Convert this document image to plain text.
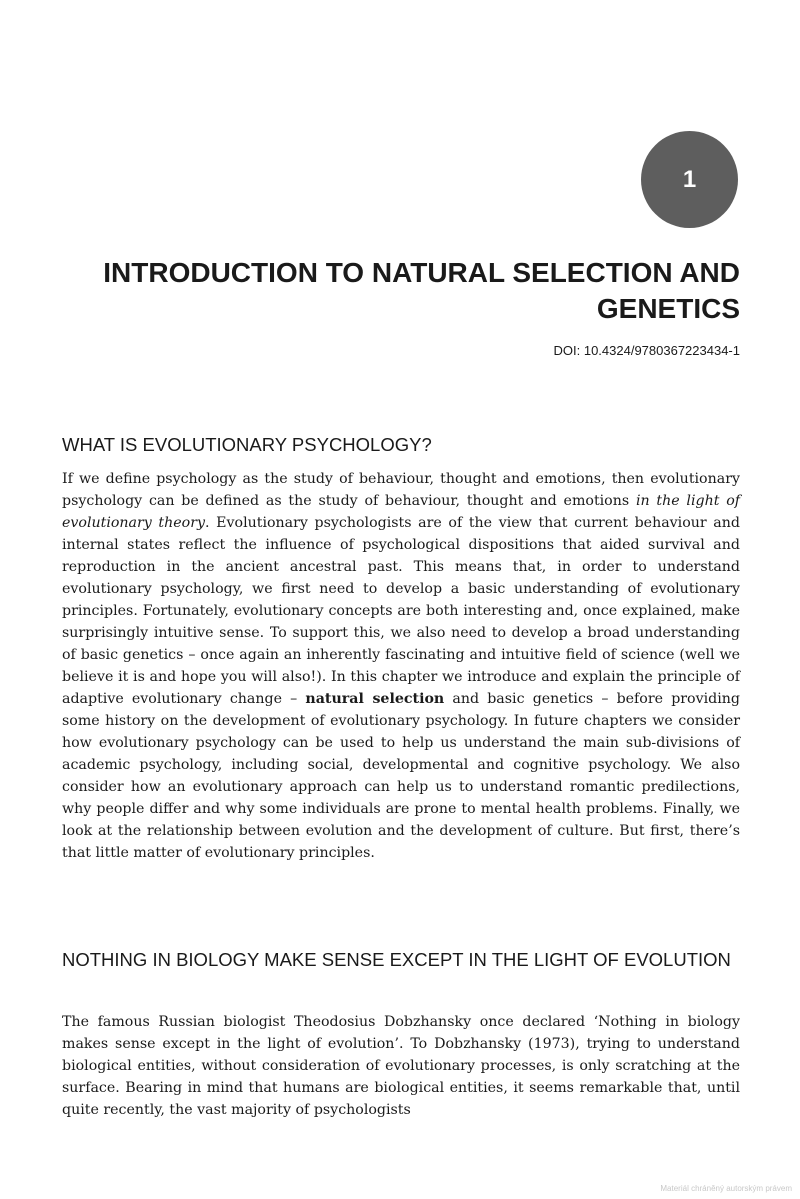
1
INTRODUCTION TO NATURAL SELECTION AND
GENETICS
DOI: 10.4324/9780367223434-1
WHAT IS EVOLUTIONARY PSYCHOLOGY?

If we define psychology as the study of behaviour, thought and emotions, then evolutionary psychology can be defined as the study of behaviour, thought and emotions in the light of evolutionary theory. Evolutionary psychologists are of the view that current behaviour and internal states reflect the influence of psychological dispositions that aided survival and reproduction in the ancient ancestral past. This means that, in order to understand evolutionary psychology, we first need to develop a basic understanding of evolutionary principles. Fortunately, evolutionary concepts are both interesting and, once explained, make surprisingly intuitive sense. To support this, we also need to develop a broad understanding of basic genetics – once again an inherently fascinating and intuitive field of science (well we believe it is and hope you will also!). In this chapter we introduce and explain the principle of adaptive evolutionary change – natural selection and basic genetics – before providing some history on the development of evolutionary psychology. In future chapters we consider how evolutionary psychology can be used to help us understand the main sub-divisions of academic psychology, including social, developmental and cognitive psychology. We also consider how an evolutionary approach can help us to understand romantic predilections, why people differ and why some individuals are prone to mental health problems. Finally, we look at the relationship between evolution and the development of culture. But first, there’s that little matter of evolutionary principles.

NOTHING IN BIOLOGY MAKE SENSE EXCEPT IN THE LIGHT OF EVOLUTION

The famous Russian biologist Theodosius Dobzhansky once declared ‘Nothing in biology makes sense except in the light of evolution’. To Dobzhansky (1973), trying to understand biological entities, without consideration of evolutionary processes, is only scratching at the surface. Bearing in mind that humans are biological entities, it seems remarkable that, until quite recently, the vast majority of psychologists

Materiál chráněný autorským právem
